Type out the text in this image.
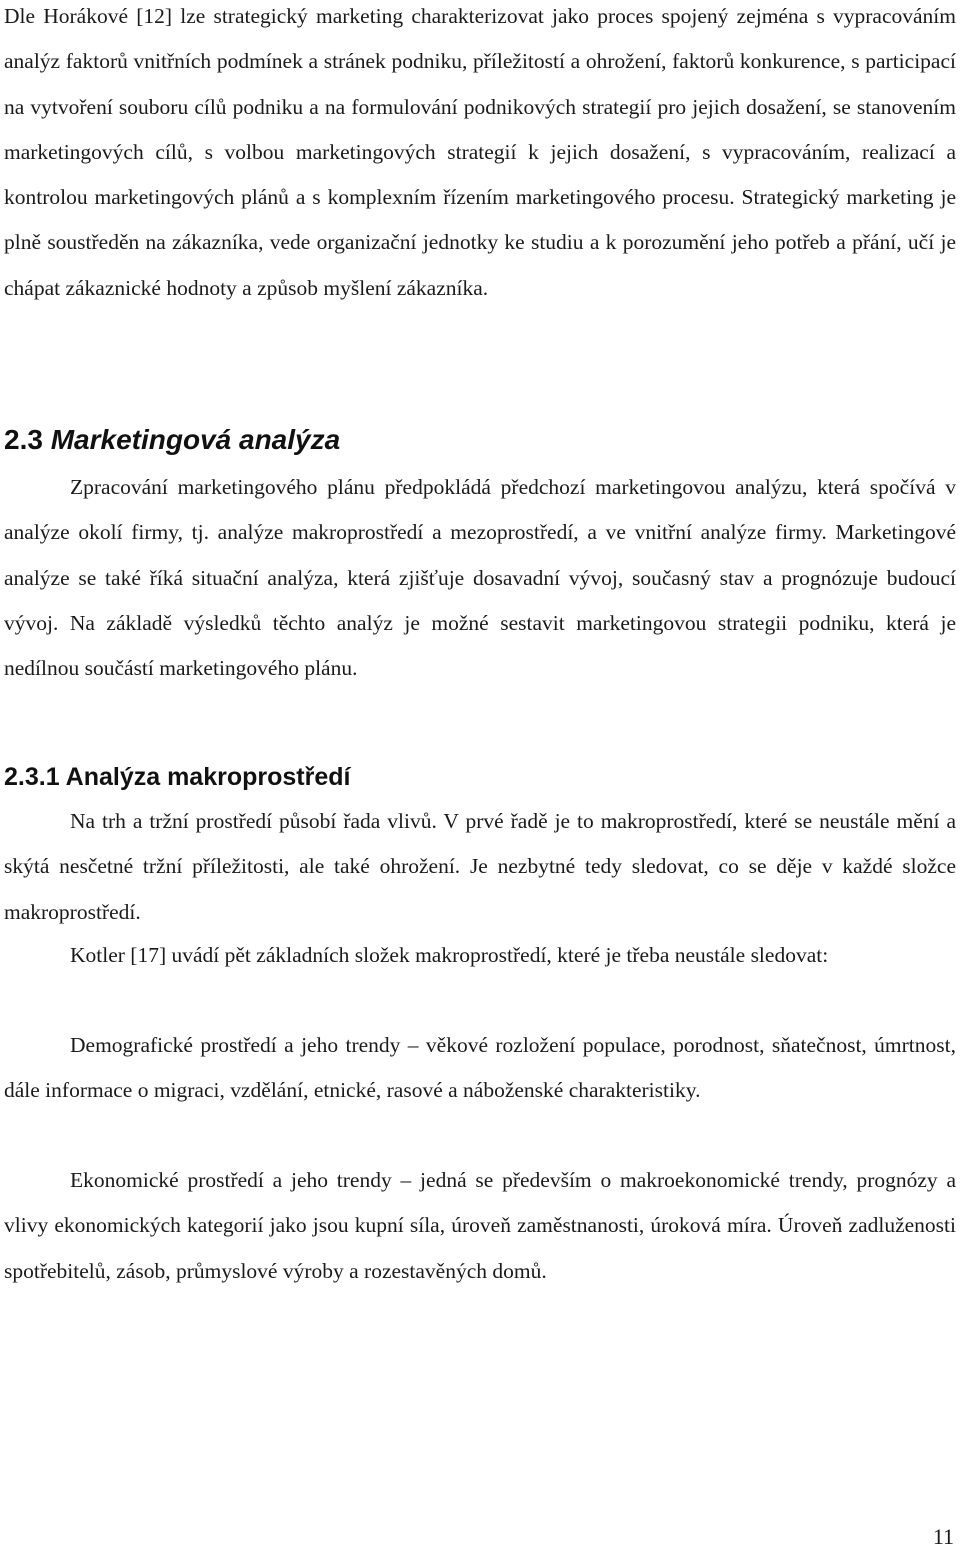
Dle Horákové [12] lze strategický marketing charakterizovat jako proces spojený zejména s vypracováním analýz faktorů vnitřních podmínek a stránek podniku, příležitostí a ohrožení, faktorů konkurence, s participací na vytvoření souboru cílů podniku a na formulování podnikových strategií pro jejich dosažení, se stanovením marketingových cílů, s volbou marketingových strategií k jejich dosažení, s vypracováním, realizací a kontrolou marketingových plánů a s komplexním řízením marketingového procesu. Strategický marketing je plně soustředěn na zákazníka, vede organizační jednotky ke studiu a k porozumění jeho potřeb a přání, učí je chápat zákaznické hodnoty a způsob myšlení zákazníka.

2.3 Marketingová analýza

Zpracování marketingového plánu předpokládá předchozí marketingovou analýzu, která spočívá v analýze okolí firmy, tj. analýze makroprostředí a mezoprostředí, a ve vnitřní analýze firmy. Marketingové analýze se také říká situační analýza, která zjišťuje dosavadní vývoj, současný stav a prognózuje budoucí vývoj. Na základě výsledků těchto analýz je možné sestavit marketingovou strategii podniku, která je nedílnou součástí marketingového plánu.

2.3.1 Analýza makroprostředí

Na trh a tržní prostředí působí řada vlivů. V prvé řadě je to makroprostředí, které se neustále mění a skýtá nesčetné tržní příležitosti, ale také ohrožení. Je nezbytné tedy sledovat, co se děje v každé složce makroprostředí.

Kotler [17] uvádí pět základních složek makroprostředí, které je třeba neustále sledovat:

Demografické prostředí a jeho trendy – věkové rozložení populace, porodnost, sňatečnost, úmrtnost, dále informace o migraci, vzdělání, etnické, rasové a náboženské charakteristiky.

Ekonomické prostředí a jeho trendy – jedná se především o makroekonomické trendy, prognózy a vlivy ekonomických kategorií jako jsou kupní síla, úroveň zaměstnanosti, úroková míra. Úroveň zadluženosti spotřebitelů, zásob, průmyslové výroby a rozestavěných domů.

11
